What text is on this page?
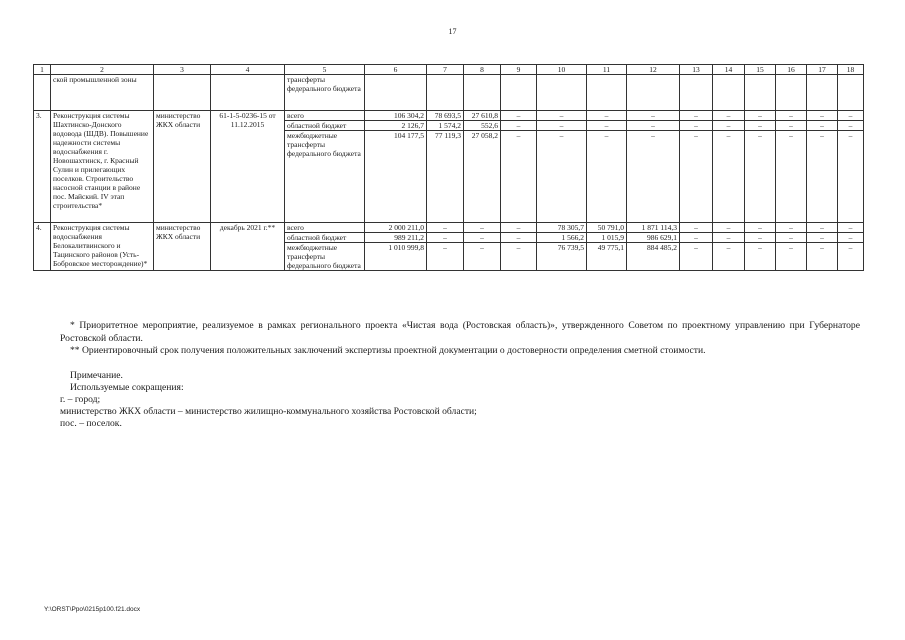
17
1	2	3	4	5	6	7	8	9	10	11	12	13	14	15	16	17	18
	ской промышленной зоны			трансферты федерального бюджета													
3.	Реконструкция системы Шахтинско-Донского водовода (ШДВ). Повышение надежности системы водоснабжения г. Новошахтинск, г. Красный Сулин и прилегающих поселков. Строительство насосной станции в районе пос. Майский. IV этап строительства*	министерство ЖКХ области	61-1-5-0236-15 от 11.12.2015	всего	106 304,2	78 693,5	27 610,8	–	–	–	–	–	–	–	–	–	–
				областной бюджет	2 126,7	1 574,2	552,6	–	–	–	–	–	–	–	–	–	–
				межбюджетные трансферты федерального бюджета	104 177,5	77 119,3	27 058,2	–	–	–	–	–	–	–	–	–	–
4.	Реконструкция системы водоснабжения Белокалитвинского и Тацинского районов (Усть-Бобровское месторождение)*	министерство ЖКХ области	декабрь 2021 г.**	всего	2 000 211,0	–	–	–	78 305,7	50 791,0	1 871 114,3	–	–	–	–	–	–
				областной бюджет	989 211,2	–	–	–	1 566,2	1 015,9	986 629,1	–	–	–	–	–	–
				межбюджетные трансферты федерального бюджета	1 010 999,8	–	–	–	76 739,5	49 775,1	884 485,2	–	–	–	–	–	–
* Приоритетное мероприятие, реализуемое в рамках регионального проекта «Чистая вода (Ростовская область)», утвержденного Советом по проектному управлению при Губернаторе Ростовской области.
** Ориентировочный срок получения положительных заключений экспертизы проектной документации о достоверности определения сметной стоимости.
Примечание.
Используемые сокращения:
г. – город;
министерство ЖКХ области – министерство жилищно-коммунального хозяйства Ростовской области;
пос. – поселок.
Y:\ORST\Ppo\0215p100.f21.docx
